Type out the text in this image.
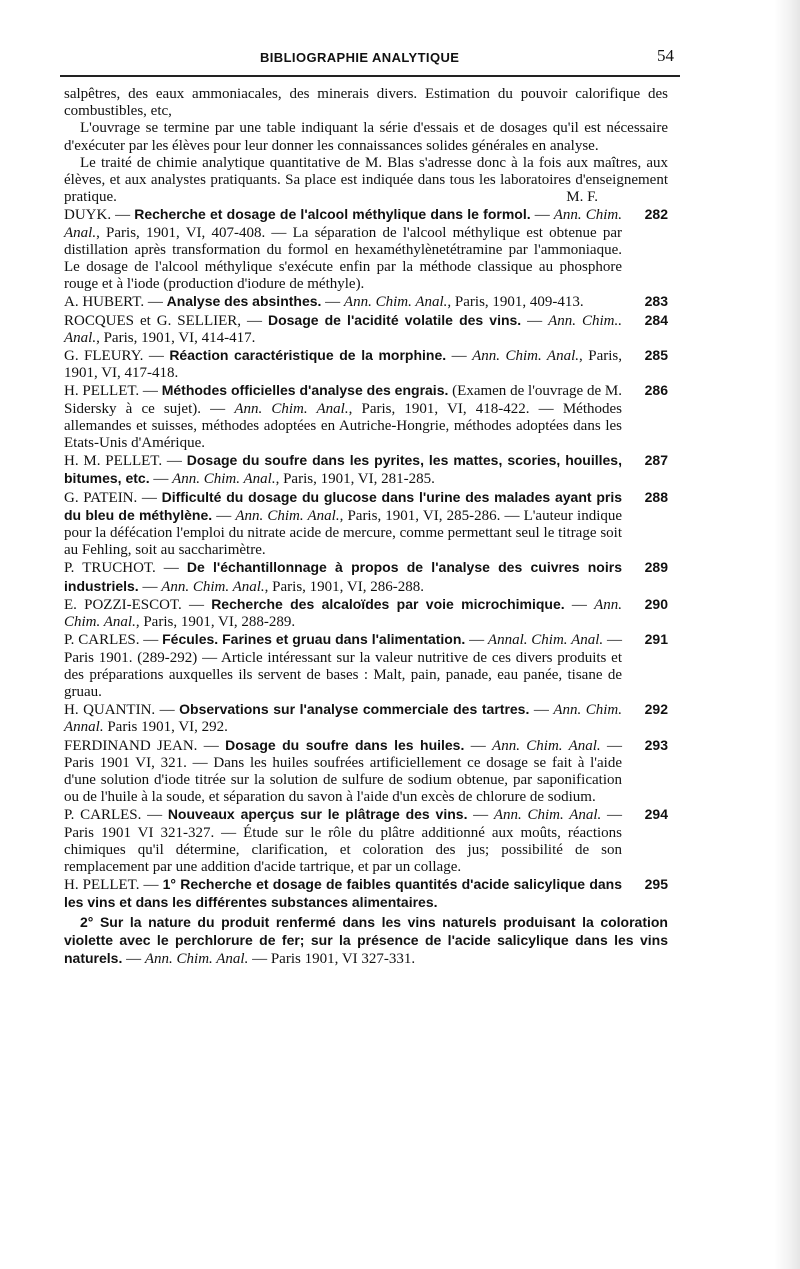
BIBLIOGRAPHIE ANALYTIQUE	54

salpêtres, des eaux ammoniacales, des minerais divers. Estimation du pouvoir calorifique des combustibles, etc,

L'ouvrage se termine par une table indiquant la série d'essais et de dosages qu'il est nécessaire d'exécuter par les élèves pour leur donner les connaissances solides générales en analyse.

Le traité de chimie analytique quantitative de M. Blas s'adresse donc à la fois aux maîtres, aux élèves, et aux analystes pratiquants. Sa place est indiquée dans tous les laboratoires d'enseignement pratique.	M. F.

282
DUYK. — Recherche et dosage de l'alcool méthylique dans le formol. — Ann. Chim. Anal., Paris, 1901, VI, 407-408. — La séparation de l'alcool méthylique est obtenue par distillation après transformation du formol en hexaméthylènetétramine par l'ammoniaque. Le dosage de l'alcool méthylique s'exécute enfin par la méthode classique au phosphore rouge et à l'iode (production d'iodure de méthyle).

283
A. HUBERT. — Analyse des absinthes. — Ann. Chim. Anal., Paris, 1901, 409-413.

284
ROCQUES et G. SELLIER, — Dosage de l'acidité volatile des vins. — Ann. Chim.. Anal., Paris, 1901, VI, 414-417.

285
G. FLEURY. — Réaction caractéristique de la morphine. — Ann. Chim. Anal., Paris, 1901, VI, 417-418.

286
H. PELLET. — Méthodes officielles d'analyse des engrais. (Examen de l'ouvrage de M. Sidersky à ce sujet). — Ann. Chim. Anal., Paris, 1901, VI, 418-422. — Méthodes allemandes et suisses, méthodes adoptées en Autriche-Hongrie, méthodes adoptées dans les Etats-Unis d'Amérique.

287
H. M. PELLET. — Dosage du soufre dans les pyrites, les mattes, scories, houilles, bitumes, etc. — Ann. Chim. Anal., Paris, 1901, VI, 281-285.

288
G. PATEIN. — Difficulté du dosage du glucose dans l'urine des malades ayant pris du bleu de méthylène. — Ann. Chim. Anal., Paris, 1901, VI, 285-286. — L'auteur indique pour la défécation l'emploi du nitrate acide de mercure, comme permettant seul le titrage soit au Fehling, soit au saccharimètre.

289
P. TRUCHOT. — De l'échantillonnage à propos de l'analyse des cuivres noirs industriels. — Ann. Chim. Anal., Paris, 1901, VI, 286-288.

290
E. POZZI-ESCOT. — Recherche des alcaloïdes par voie microchimique. — Ann. Chim. Anal., Paris, 1901, VI, 288-289.

291
P. CARLES. — Fécules. Farines et gruau dans l'alimentation. — Annal. Chim. Anal. — Paris 1901. (289-292) — Article intéressant sur la valeur nutritive de ces divers produits et des préparations auxquelles ils servent de bases : Malt, pain, panade, eau panée, tisane de gruau.

292
H. QUANTIN. — Observations sur l'analyse commerciale des tartres. — Ann. Chim. Annal. Paris 1901, VI, 292.

293
FERDINAND JEAN. — Dosage du soufre dans les huiles. — Ann. Chim. Anal. — Paris 1901 VI, 321. — Dans les huiles soufrées artificiellement ce dosage se fait à l'aide d'une solution d'iode titrée sur la solution de sulfure de sodium obtenue, par saponification ou de l'huile à la soude, et séparation du savon à l'aide d'un excès de chlorure de sodium.

294
P. CARLES. — Nouveaux aperçus sur le plâtrage des vins. — Ann. Chim. Anal. — Paris 1901 VI 321-327. — Étude sur le rôle du plâtre additionné aux moûts, réactions chimiques qu'il détermine, clarification, et coloration des jus; possibilité de son remplacement par une addition d'acide tartrique, et par un collage.

295
H. PELLET. — 1° Recherche et dosage de faibles quantités d'acide salicylique dans les vins et dans les différentes substances alimentaires.

2° Sur la nature du produit renfermé dans les vins naturels produisant la coloration violette avec le perchlorure de fer; sur la présence de l'acide salicylique dans les vins naturels. — Ann. Chim. Anal. — Paris 1901, VI 327-331.
